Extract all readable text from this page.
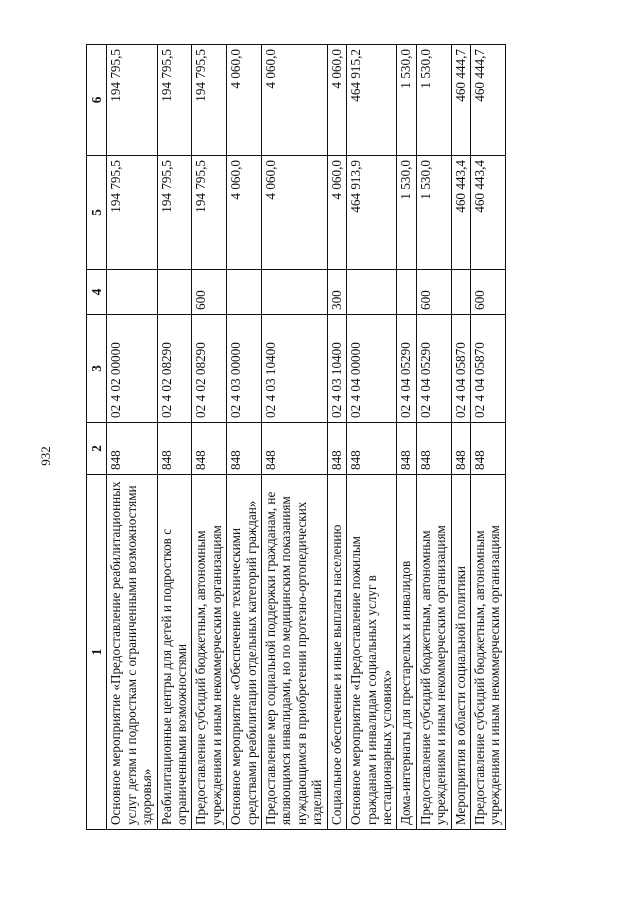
932
1	2	3	4	5	6
Основное мероприятие «Предоставление реабилитационных услуг детям и подросткам с ограниченными возможностями здоровья»	848	02 4 02 00000		194 795,5	194 795,5
Реабилитационные центры для детей и подростков с ограниченными возможностями	848	02 4 02 08290		194 795,5	194 795,5
Предоставление субсидий бюджетным, автономным учреждениям и иным некоммерческим организациям	848	02 4 02 08290	600	194 795,5	194 795,5
Основное мероприятие «Обеспечение техническими средствами реабилитации отдельных категорий граждан»	848	02 4 03 00000		4 060,0	4 060,0
Предоставление мер социальной поддержки гражданам, не являющимся инвалидами, но по медицинским показаниям нуждающимся в приобретении протезно-ортопедических изделий	848	02 4 03 10400		4 060,0	4 060,0
Социальное обеспечение и иные выплаты населению	848	02 4 03 10400	300	4 060,0	4 060,0
Основное мероприятие «Предоставление пожилым гражданам и инвалидам социальных услуг в нестационарных условиях»	848	02 4 04 00000		464 913,9	464 915,2
Дома-интернаты для престарелых и инвалидов	848	02 4 04 05290		1 530,0	1 530,0
Предоставление субсидий бюджетным, автономным учреждениям и иным некоммерческим организациям	848	02 4 04 05290	600	1 530,0	1 530,0
Мероприятия в области социальной политики	848	02 4 04 05870		460 443,4	460 444,7
Предоставление субсидий бюджетным, автономным учреждениям и иным некоммерческим организациям	848	02 4 04 05870	600	460 443,4	460 444,7
